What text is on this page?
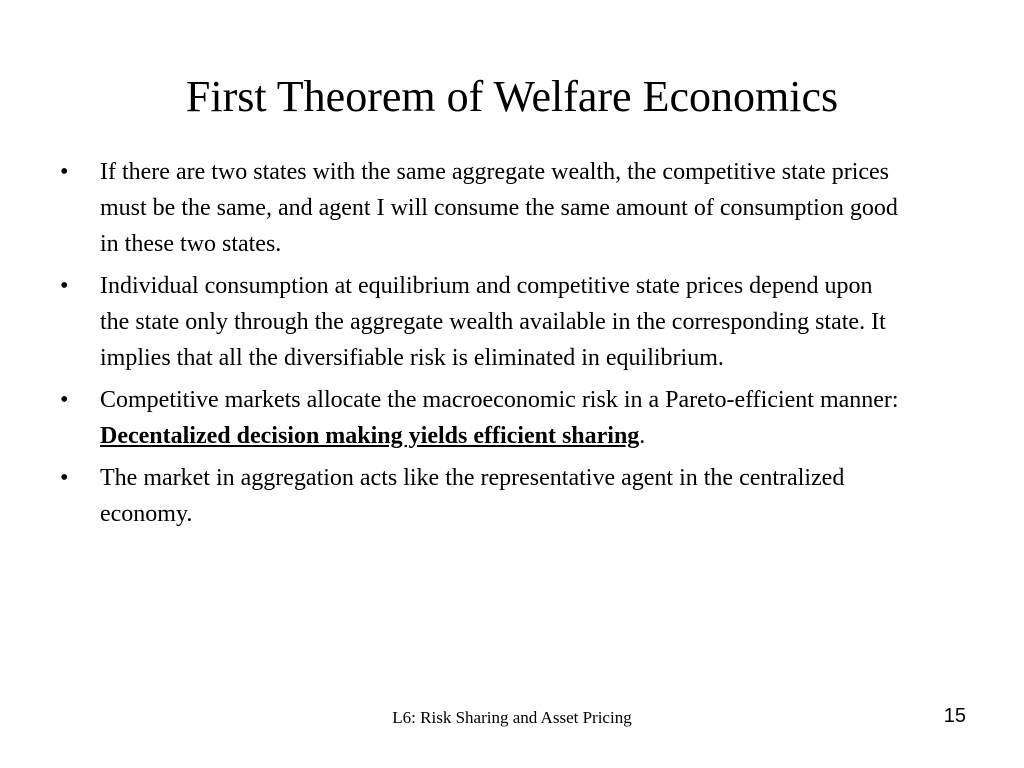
First Theorem of Welfare Economics
•	If there are two states with the same aggregate wealth, the competitive state prices must be the same, and agent I will consume the same amount of consumption good in these two states.
•	Individual consumption at equilibrium and competitive state prices depend upon the state only through the aggregate wealth available in the corresponding state. It implies that all the diversifiable risk is eliminated in equilibrium.
•	Competitive markets allocate the macroeconomic risk in a Pareto-efficient manner: Decentalized decision making yields efficient sharing.
•	The market in aggregation acts like the representative agent in the centralized economy.
L6: Risk Sharing and Asset Pricing	15
